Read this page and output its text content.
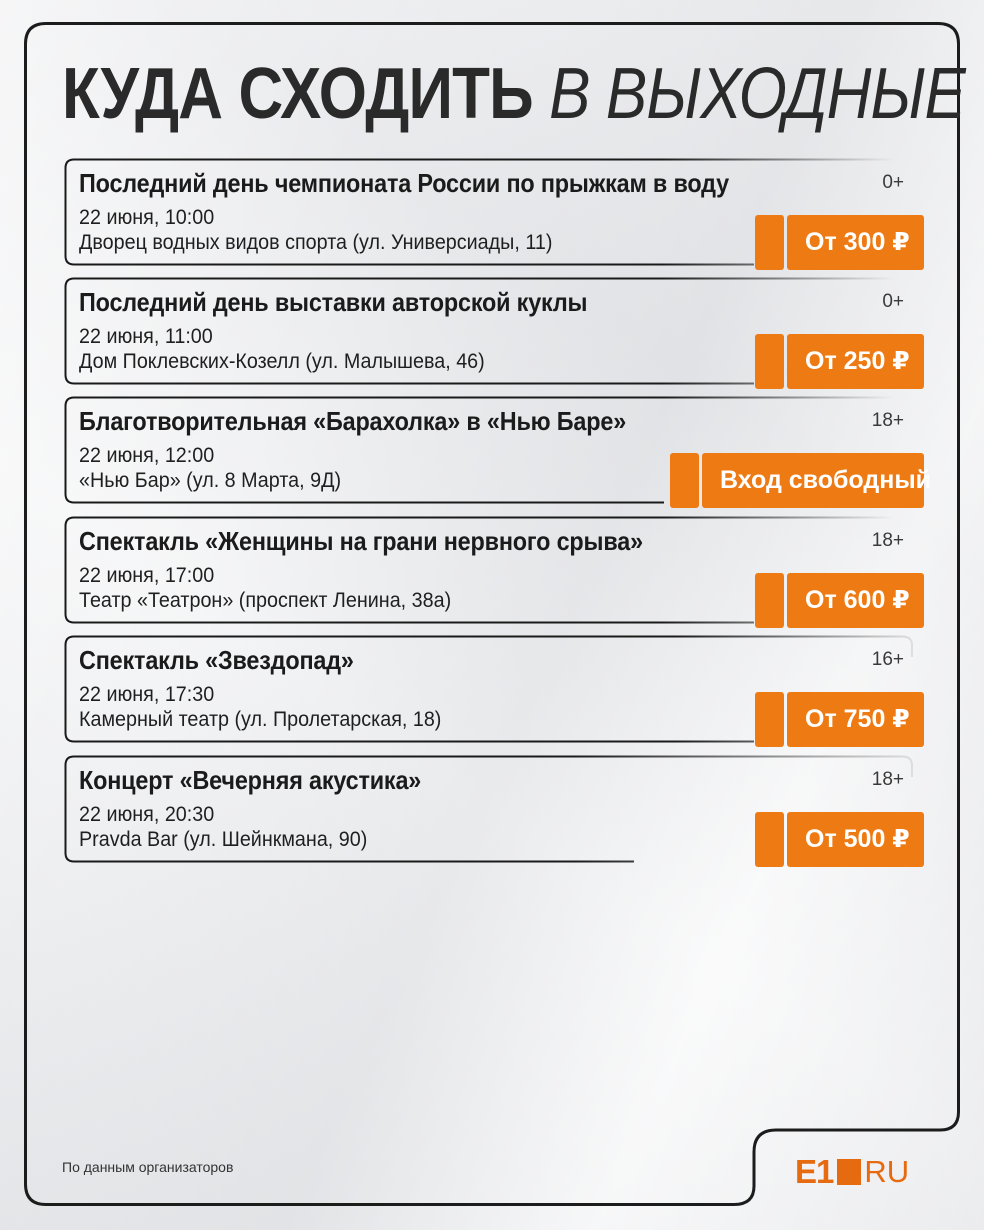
КУДА СХОДИТЬ В ВЫХОДНЫЕ
Последний день чемпионата России по прыжкам в воду	0+
22 июня, 10:00
Дворец водных видов спорта (ул. Универсиады, 11)	От 300 ₽
Последний день выставки авторской куклы	0+
22 июня, 11:00
Дом Поклевских-Козелл (ул. Малышева, 46)	От 250 ₽
Благотворительная «Барахолка» в «Нью Баре»	18+
22 июня, 12:00
«Нью Бар» (ул. 8 Марта, 9Д)	Вход свободный
Спектакль «Женщины на грани нервного срыва»	18+
22 июня, 17:00
Театр «Театрон» (проспект Ленина, 38а)	От 600 ₽
Спектакль «Звездопад»	16+
22 июня, 17:30
Камерный театр (ул. Пролетарская, 18)	От 750 ₽
Концерт «Вечерняя акустика»	18+
22 июня, 20:30
Pravda Bar (ул. Шейнкмана, 90)	От 500 ₽
По данным организаторов	E1 RU
